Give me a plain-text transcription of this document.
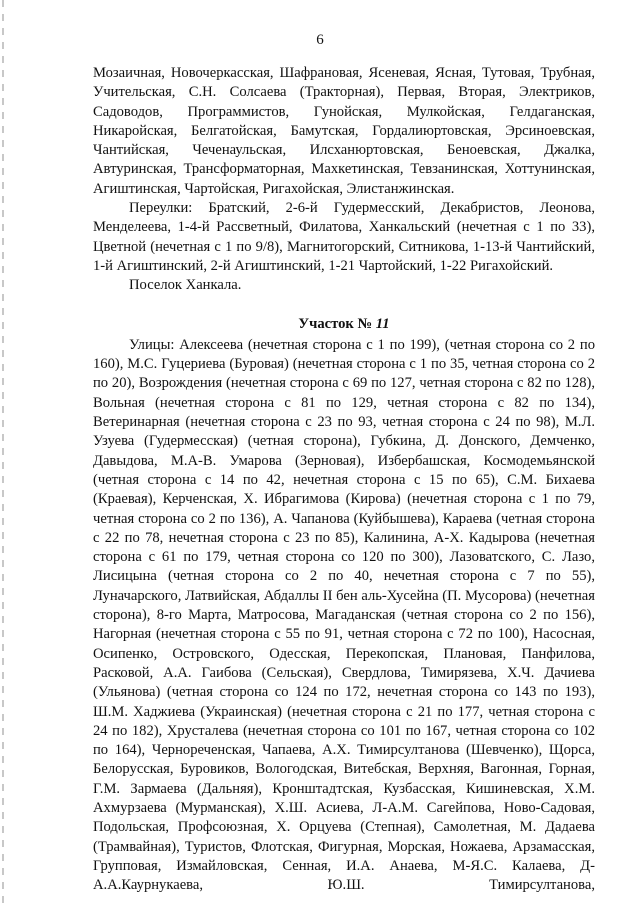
6

Мозаичная, Новочеркасская, Шафрановая, Ясеневая, Ясная, Тутовая, Трубная, Учительская, С.Н. Солсаева (Тракторная), Первая, Вторая, Электриков, Садоводов, Программистов, Гунойская, Мулкойская, Гелдаганская, Никаройская, Белгатойская, Бамутская, Гордалиюртовская, Эрсинoевская, Чантийская, Чеченаульская, Илсханюртовская, Беноевская, Джалка, Автуринская, Трансформаторная, Махкетинская, Тевзанинская, Хоттунинская, Агиштинская, Чартойская, Ригахойская, Элистанжинская.

Переулки: Братский, 2-6-й Гудермесский, Декабристов, Леонова, Менделеева, 1-4-й Рассветный, Филатова, Ханкальский (нечетная с 1 по 33), Цветной (нечетная с 1 по 9/8), Магнитогорский, Ситникова, 1-13-й Чантийский, 1-й Агиштинский, 2-й Агиштинский, 1-21 Чартойский, 1-22 Ригахойский.

Поселок Ханкала.

Участок № 11

Улицы: Алексеева (нечетная сторона с 1 по 199), (четная сторона со 2 по 160), М.С. Гуцериева (Буровая) (нечетная сторона с 1 по 35, четная сторона со 2 по 20), Возрождения (нечетная сторона с 69 по 127, четная сторона с 82 по 128), Вольная (нечетная сторона с 81 по 129, четная сторона с 82 по 134), Ветеринарная (нечетная сторона с 23 по 93, четная сторона с 24 по 98), М.Л. Узуева (Гудермесская) (четная сторона), Губкина, Д. Донского, Демченко, Давыдова, М.А-В. Умарова (Зерновая), Избербашская, Космодемьянской (четная сторона с 14 по 42, нечетная сторона с 15 по 65), С.М. Бихаева (Краевая), Керченская, Х. Ибрагимова (Кирова) (нечетная сторона с 1 по 79, четная сторона со 2 по 136), А. Чапанова (Куйбышева), Караева (четная сторона с 22 по 78, нечетная сторона с 23 по 85), Калинина, А-Х. Кадырова (нечетная сторона с 61 по 179, четная сторона со 120 по 300), Лазоватского, С. Лазо, Лисицына (четная сторона со 2 по 40, нечетная сторона с 7 по 55), Луначарского, Латвийская, Абдаллы II бен аль-Хусейна (П. Мусорова) (нечетная сторона), 8-го Марта, Матросова, Магаданская (четная сторона со 2 по 156), Нагорная (нечетная сторона с 55 по 91, четная сторона с 72 по 100), Насосная, Осипенко, Островского, Одесская, Перекопская, Плановая, Панфилова, Расковой, А.А. Гаибова (Сельская), Свердлова, Тимирязева, Х.Ч. Дачиева (Ульянова) (четная сторона со 124 по 172, нечетная сторона со 143 по 193), Ш.М. Хаджиева (Украинская) (нечетная сторона с 21 по 177, четная сторона с 24 по 182), Хрусталева (нечетная сторона со 101 по 167, четная сторона со 102 по 164), Чернореченская, Чапаева, А.Х. Тимирсултанова (Шевченко), Щорса, Белорусская, Буровиков, Вологодская, Витебская, Верхняя, Вагонная, Горная, Г.М. Зармаева (Дальняя), Кронштадтская, Кузбасская, Кишиневская, Х.М. Ахмурзаева (Мурманская), Х.Ш. Асиева, Л-А.М. Сагейпова, Ново-Садовая, Подольская, Профсоюзная, Х. Орцуева (Степная), Самолетная, М. Дадаева (Трамвайная), Туристов, Флотская, Фигурная, Морская, Ножаева, Арзамасская, Групповая, Измайловская, Сенная, И.А. Анаева, М-Я.С. Калаева, Д-А.А.Каурнукаева, Ю.Ш. Тимирсултанова,
